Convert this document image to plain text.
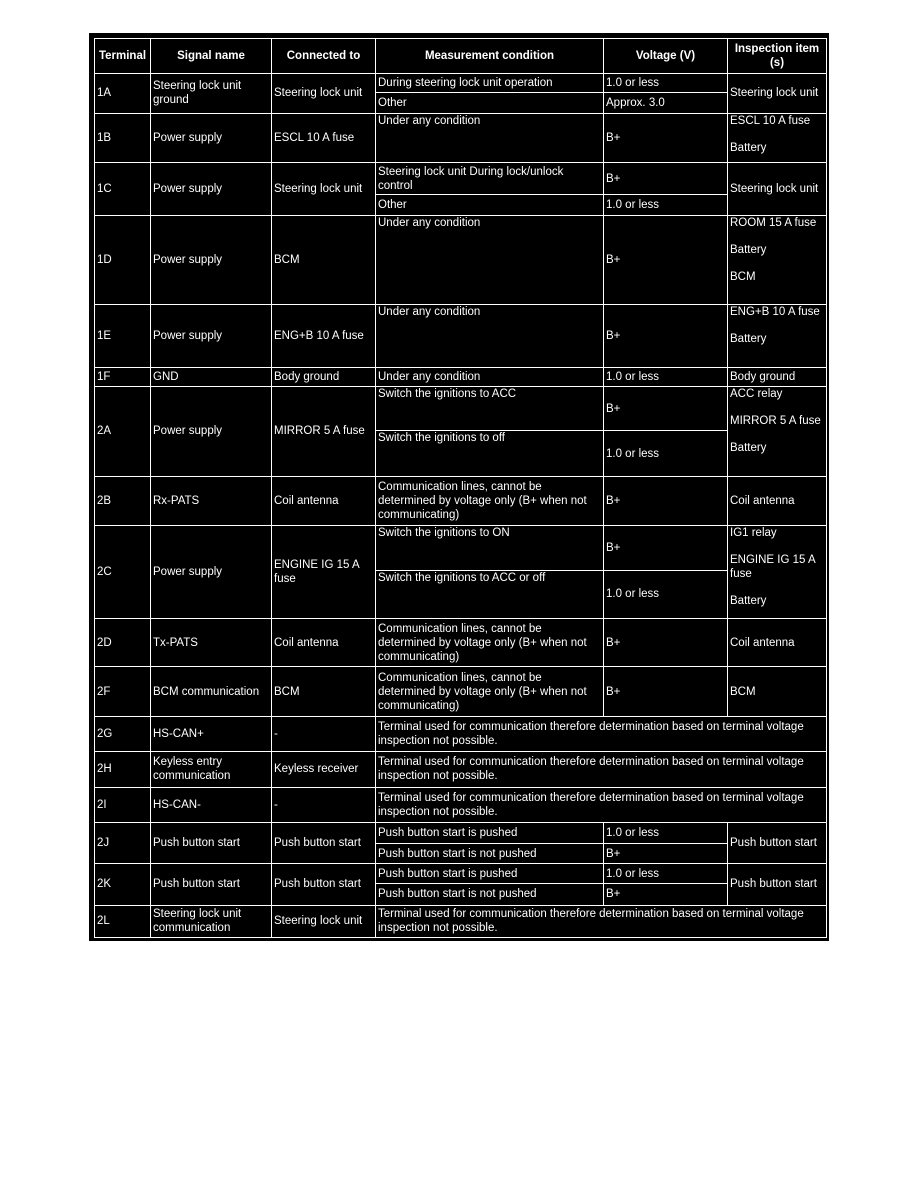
Terminal	Signal name	Connected to	Measurement condition	Voltage (V)	Inspection item (s)
1A	Steering lock unit ground	Steering lock unit	During steering lock unit operation	1.0 or less	Steering lock unit
			Other	Approx. 3.0	
1B	Power supply	ESCL 10 A fuse	Under any condition	B+	ESCL 10 A fuse

Battery

1C	Power supply	Steering lock unit	Steering lock unit During lock/unlock control	B+	Steering lock unit
			Other	1.0 or less	
1D	Power supply	BCM	Under any condition	B+	ROOM 15 A fuse

Battery

BCM

1E	Power supply	ENG+B 10 A fuse	Under any condition	B+	ENG+B 10 A fuse

Battery

1F	GND	Body ground	Under any condition	1.0 or less	Body ground
2A	Power supply	MIRROR 5 A fuse	Switch the ignitions to ACC	B+	ACC relay

MIRROR 5 A fuse

Battery

			Switch the ignitions to off	1.0 or less	
2B	Rx-PATS	Coil antenna	Communication lines, cannot be determined by voltage only (B+ when not communicating)	B+	Coil antenna
2C	Power supply	ENGINE IG 15 A fuse	Switch the ignitions to ON	B+	IG1 relay

ENGINE IG 15 A fuse

Battery

			Switch the ignitions to ACC or off	1.0 or less	
2D	Tx-PATS	Coil antenna	Communication lines, cannot be determined by voltage only (B+ when not communicating)	B+	Coil antenna
2F	BCM communication	BCM	Communication lines, cannot be determined by voltage only (B+ when not communicating)	B+	BCM
2G	HS-CAN+	-	Terminal used for communication therefore determination based on terminal voltage inspection not possible.		
2H	Keyless entry communication	Keyless receiver	Terminal used for communication therefore determination based on terminal voltage inspection not possible.		
2I	HS-CAN-	-	Terminal used for communication therefore determination based on terminal voltage inspection not possible.		
2J	Push button start	Push button start	Push button start is pushed	1.0 or less	Push button start
			Push button start is not pushed	B+	
2K	Push button start	Push button start	Push button start is pushed	1.0 or less	Push button start
			Push button start is not pushed	B+	
2L	Steering lock unit communication	Steering lock unit	Terminal used for communication therefore determination based on terminal voltage inspection not possible.		
